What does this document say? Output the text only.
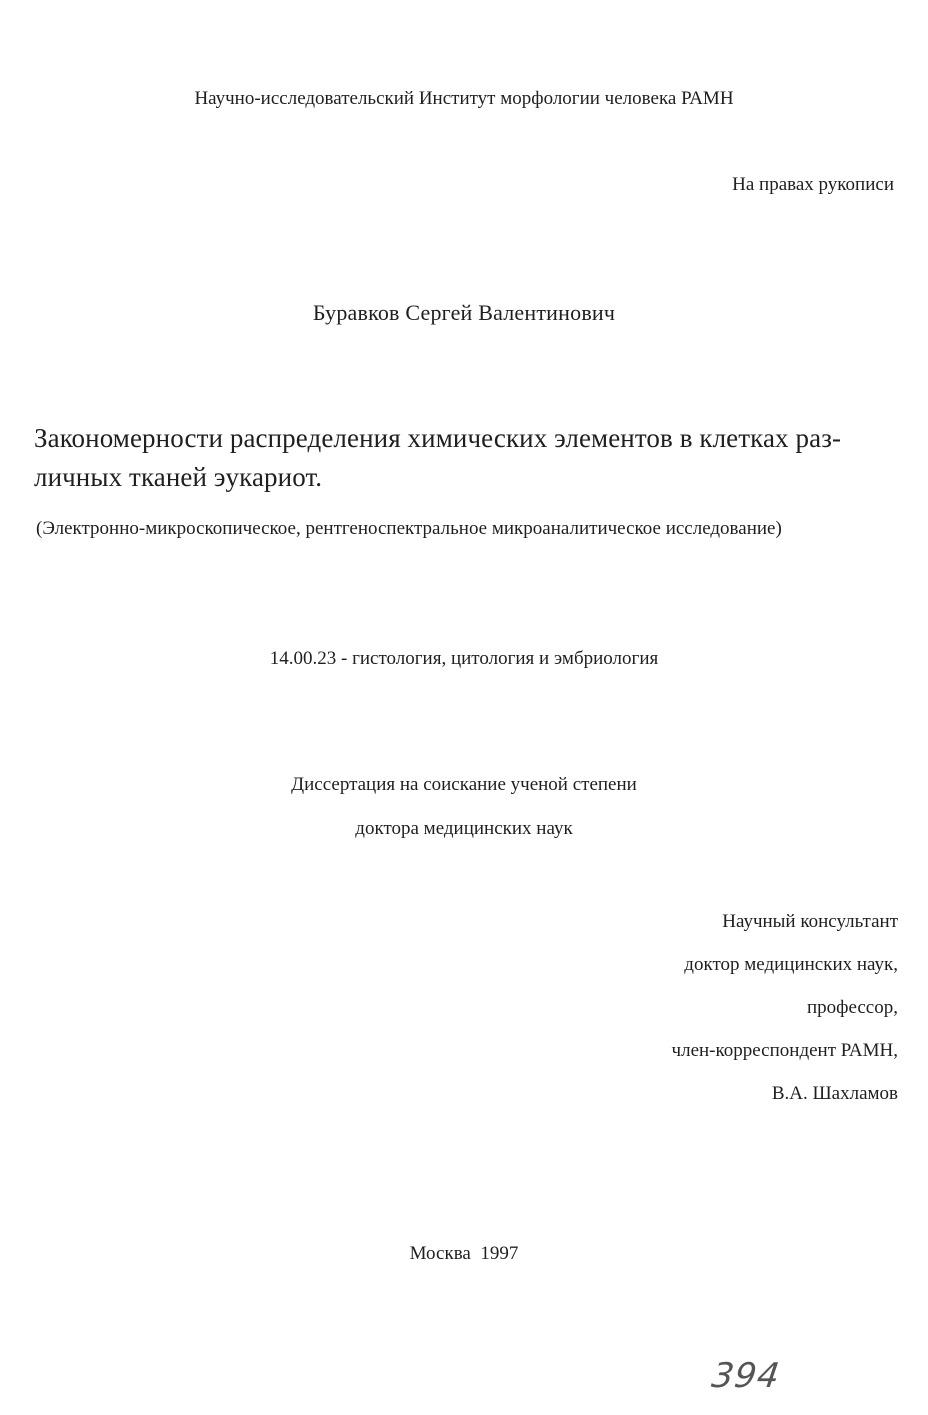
Научно-исследовательский Институт морфологии человека РАМН

На правах рукописи

Буравков Сергей Валентинович

Закономерности распределения химических элементов в клетках раз-

личных тканей эукариот.

(Электронно-микроскопическое, рентгеноспектральное микроаналитическое исследование)

14.00.23 - гистология, цитология и эмбриология

Диссертация на соискание ученой степени

доктора медицинских наук

Научный консультант
доктор медицинских наук,
профессор,
член-корреспондент РАМН,
В.А. Шахламов

Москва  1997

394
